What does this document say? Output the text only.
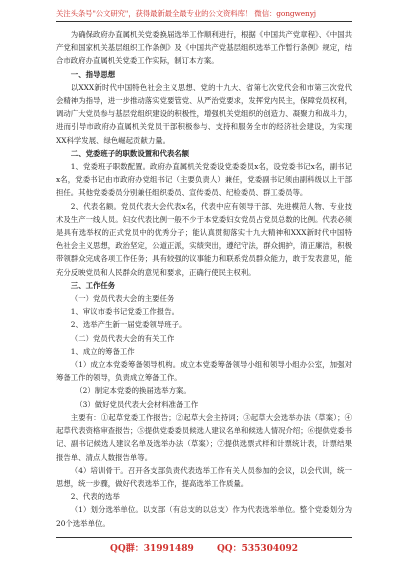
关注头条号"公文研究"，获得最新最全最专业的公文资料库！ 微信：gongwenyj

为确保政府办直属机关党委换届选举工作顺利进行，根据《中国共产党章程》、《中国共产党和国家机关基层组织工作条例》及《中国共产党基层组织选举工作暂行条例》规定，结合市政府办直属机关党委工作实际，制订本方案。

一、指导思想

以XXX新时代中国特色社会主义思想、党的十九大、省第七次党代会和市第三次党代会精神为指导，进一步推动落实党要管党、从严治党要求，发挥党内民主，保障党员权利，调动广大党员参与基层党组织建设的积极性，增强机关党组织的创造力、凝聚力和战斗力，进而引导市政府办直属机关党员干部积极参与、支持和服务全市的经济社会建设，为实现XX科学发展、绿色崛起贡献力量。

二、党委班子的职数设置和代表名额

1、党委班子职数配置。政府办直属机关党委设党委委员x名，设党委书记x名，副书记x名，党委书记由市政府办党组书记（主要负责人）兼任，党委副书记须由副科级以上干部担任。其他党委委员分别兼任组织委员、宣传委员、纪检委员、群工委员等。

2、代表名额。党员代表大会代表x名，代表中应有领导干部、先进模范人物、专业技术及生产一线人员。妇女代表比例一般不少于本党委妇女党员占党员总数的比例。代表必须是具有选举权的正式党员中的优秀分子；能认真贯彻落实十九大精神和XXX新时代中国特色社会主义思想，政治坚定，公道正派，实绩突出，遵纪守法，群众拥护，清正廉洁，积极带领群众完成各项工作任务；具有较强的议事能力和联系党员群众能力，敢于发表意见，能充分反映党员和人民群众的意见和要求，正确行使民主权利。

三、工作任务

（一）党员代表大会的主要任务

1、审议市委书记党委工作报告。

2、选举产生新一届党委领导班子。

（二）党员代表大会的有关工作

1、成立的筹备工作

（1）成立本党委筹备领导机构。成立本党委筹备领导小组和领导小组办公室，加强对筹备工作的领导，负责成立筹备工作。

（2）制定本党委的换届选举方案。

（3）做好党员代表大会材料准备工作

主要有：①起草党委工作报告；②起草大会主持词；③起草大会选举办法（草案）；④起草代表资格审查报告；⑤提供党委委员候选人建议名单和候选人情况介绍；⑥提供党委书记、副书记候选人建议名单及选举办法（草案）；⑦提供选票式样和计票统计表，计票结果报告单、清点人数报告单等。

（4）培训骨干。召开各支部负责代表选举工作有关人员参加的会议，以会代训，统一思想，统一步骤，做好代表选举工作，提高选举工作质量。

2、代表的选举

（1）划分选举单位。以支部（有总支的以总支）作为代表选举单位。整个党委划分为20个选举单位。

QQ群：31991489	QQ：535304092
